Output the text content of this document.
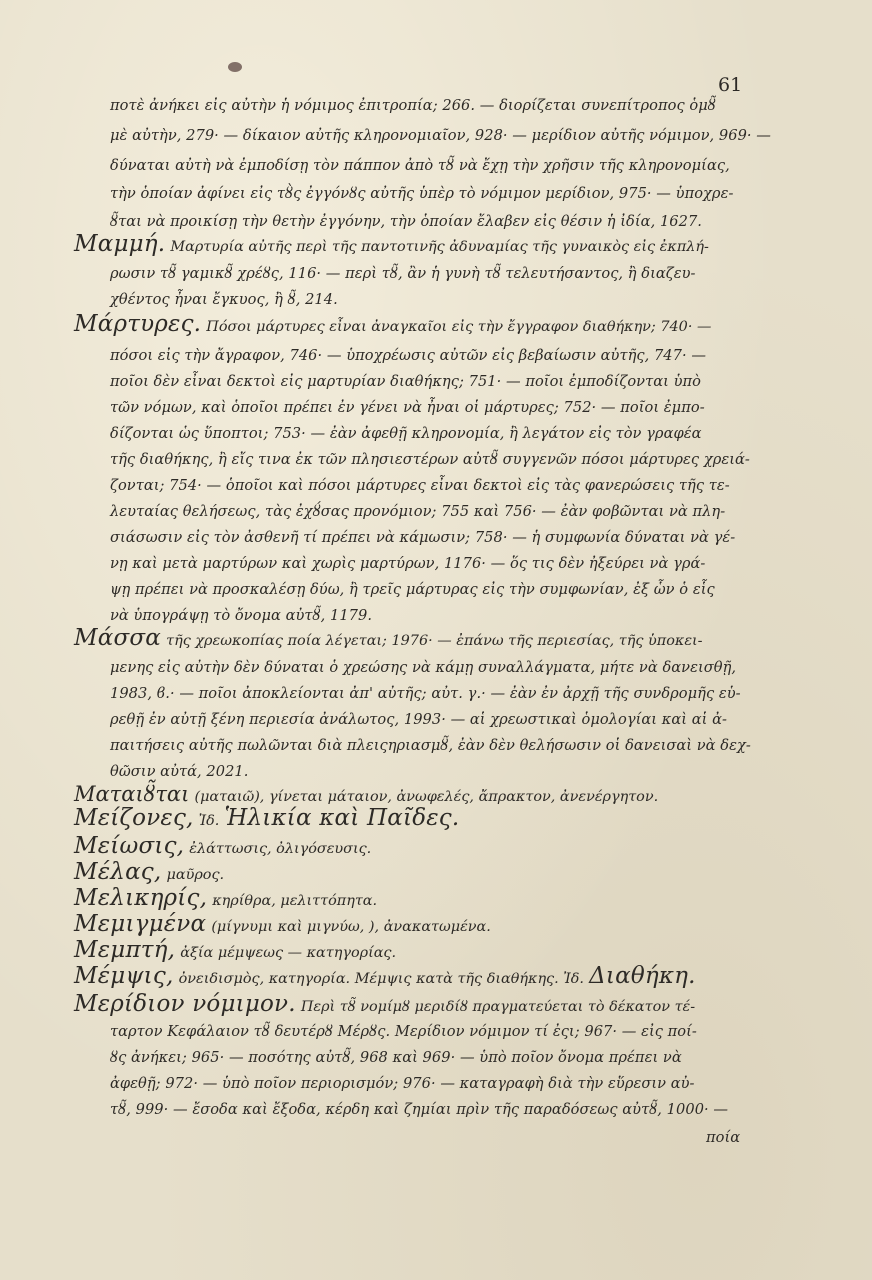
61
ποτὲ ἀνήκει εἰς αὐτὴν ἡ νόμιμος ἐπιτροπία; 266. — διορίζεται συνεπίτροπος ὁμȣ̃
μὲ αὐτὴν, 279· — δίκαιον αὐτῆς κληρονομιαῖον, 928· — μερίδιον αὐτῆς νόμιμον, 969· —
δύναται αὐτὴ νὰ ἐμποδίσῃ τὸν πάππον ἀπὸ τȣ̃ νὰ ἔχῃ τὴν χρῆσιν τῆς κληρονομίας,
τὴν ὁποίαν ἀφίνει εἰς τȣ̀ς ἐγγόνȣς αὐτῆς ὑπὲρ τὸ νόμιμον μερίδιον, 975· — ὑποχρε-
ȣ̃ται νὰ προικίσῃ τὴν θετὴν ἐγγόνην, τὴν ὁποίαν ἔλαβεν εἰς θέσιν ἡ ἰδία, 1627.
Μαμμή. Μαρτυρία αὐτῆς περὶ τῆς παντοτινῆς ἀδυναμίας τῆς γυναικὸς εἰς ἐκπλή-
ρωσιν τȣ̃ γαμικȣ̃ χρέȣς, 116· — περὶ τȣ̃, ἂν ἡ γυνὴ τȣ̃ τελευτήσαντος, ἢ διαζευ-
χθέντος ἦναι ἔγκυος, ἢ ȣ̃, 214.
Μάρτυρες. Πόσοι μάρτυρες εἶναι ἀναγκαῖοι εἰς τὴν ἔγγραφον διαθήκην; 740· —
πόσοι εἰς τὴν ἄγραφον, 746· — ὑποχρέωσις αὐτῶν εἰς βεβαίωσιν αὐτῆς, 747· —
ποῖοι δὲν εἶναι δεκτοὶ εἰς μαρτυρίαν διαθήκης; 751· — ποῖοι ἐμποδίζονται ὑπὸ
τῶν νόμων, καὶ ὁποῖοι πρέπει ἐν γένει νὰ ἦναι οἱ μάρτυρες; 752· — ποῖοι ἐμπο-
δίζονται ὡς ὕποπτοι; 753· — ἐὰν ἀφεθῇ κληρονομία, ἢ λεγάτον εἰς τὸν γραφέα
τῆς διαθήκης, ἢ εἴς τινα ἐκ τῶν πλησιεστέρων αὐτȣ̃ συγγενῶν πόσοι μάρτυρες χρειά-
ζονται; 754· — ὁποῖοι καὶ πόσοι μάρτυρες εἶναι δεκτοὶ εἰς τὰς φανερώσεις τῆς τε-
λευταίας θελήσεως, τὰς ἐχȣ́σας προνόμιον; 755 καὶ 756· — ἐὰν φοβῶνται νὰ πλη-
σιάσωσιν εἰς τὸν ἀσθενῆ τί πρέπει νὰ κάμωσιν; 758· — ἡ συμφωνία δύναται νὰ γέ-
νῃ καὶ μετὰ μαρτύρων καὶ χωρὶς μαρτύρων, 1176· — ὅς τις δὲν ἠξεύρει νὰ γρά-
ψῃ πρέπει νὰ προσκαλέσῃ δύω, ἢ τρεῖς μάρτυρας εἰς τὴν συμφωνίαν, ἐξ ὧν ὁ εἷς
νὰ ὑπογράψῃ τὸ ὄνομα αὐτȣ̃, 1179.
Μάσσα τῆς χρεωκοπίας ποία λέγεται; 1976· — ἐπάνω τῆς περιεσίας, τῆς ὑποκει-
μενης εἰς αὐτὴν δὲν δύναται ὁ χρεώσης νὰ κάμῃ συναλλάγματα, μήτε νὰ δανεισθῇ,
1983, ϐ.· — ποῖοι ἀποκλείονται ἀπ' αὐτῆς; αὐτ. γ.· — ἐὰν ἐν ἀρχῇ τῆς συνδρομῆς εὑ-
ρεθῇ ἐν αὐτῇ ξένη περιεσία ἀνάλωτος, 1993· — αἱ χρεωστικαὶ ὁμολογίαι καὶ αἱ ἀ-
παιτήσεις αὐτῆς πωλῶνται διὰ πλειςηριασμȣ̃, ἐὰν δὲν θελήσωσιν οἱ δανεισαὶ νὰ δεχ-
θῶσιν αὐτά, 2021.
Ματαιȣ̃ται (ματαιῶ), γίνεται μάταιον, ἀνωφελές, ἄπρακτον, ἀνενέργητον.
Μείζονες, Ἰδ. Ἡλικία καὶ Παῖδες.
Μείωσις, ἐλάττωσις, ὀλιγόσευσις.
Μέλας, μαῦρος.
Μελικηρίς, κηρίθρα, μελιττόπητα.
Μεμιγμένα (μίγνυμι καὶ μιγνύω, ), ἀνακατωμένα.
Μεμπτή, ἀξία μέμψεως — κατηγορίας.
Μέμψις, ὀνειδισμὸς, κατηγορία. Μέμψις κατὰ τῆς διαθήκης. Ἰδ. Διαθήκη.
Μερίδιον νόμιμον. Περὶ τȣ̃ νομίμȣ μεριδίȣ πραγματεύεται τὸ δέκατον τέ-
ταρτον Κεφάλαιον τȣ̃ δευτέρȣ Μέρȣς. Μερίδιον νόμιμον τί ἐςι; 967· — εἰς ποί-
ȣς ἀνήκει; 965· — ποσότης αὐτȣ̃, 968 καὶ 969· — ὑπὸ ποῖον ὄνομα πρέπει νὰ
ἀφεθῇ; 972· — ὑπὸ ποῖον περιορισμόν; 976· — καταγραφὴ διὰ τὴν εὕρεσιν αὐ-
τȣ̃, 999· — ἔσοδα καὶ ἔξοδα, κέρδη καὶ ζημίαι πρὶν τῆς παραδόσεως αὐτȣ̃, 1000· —
ποία
